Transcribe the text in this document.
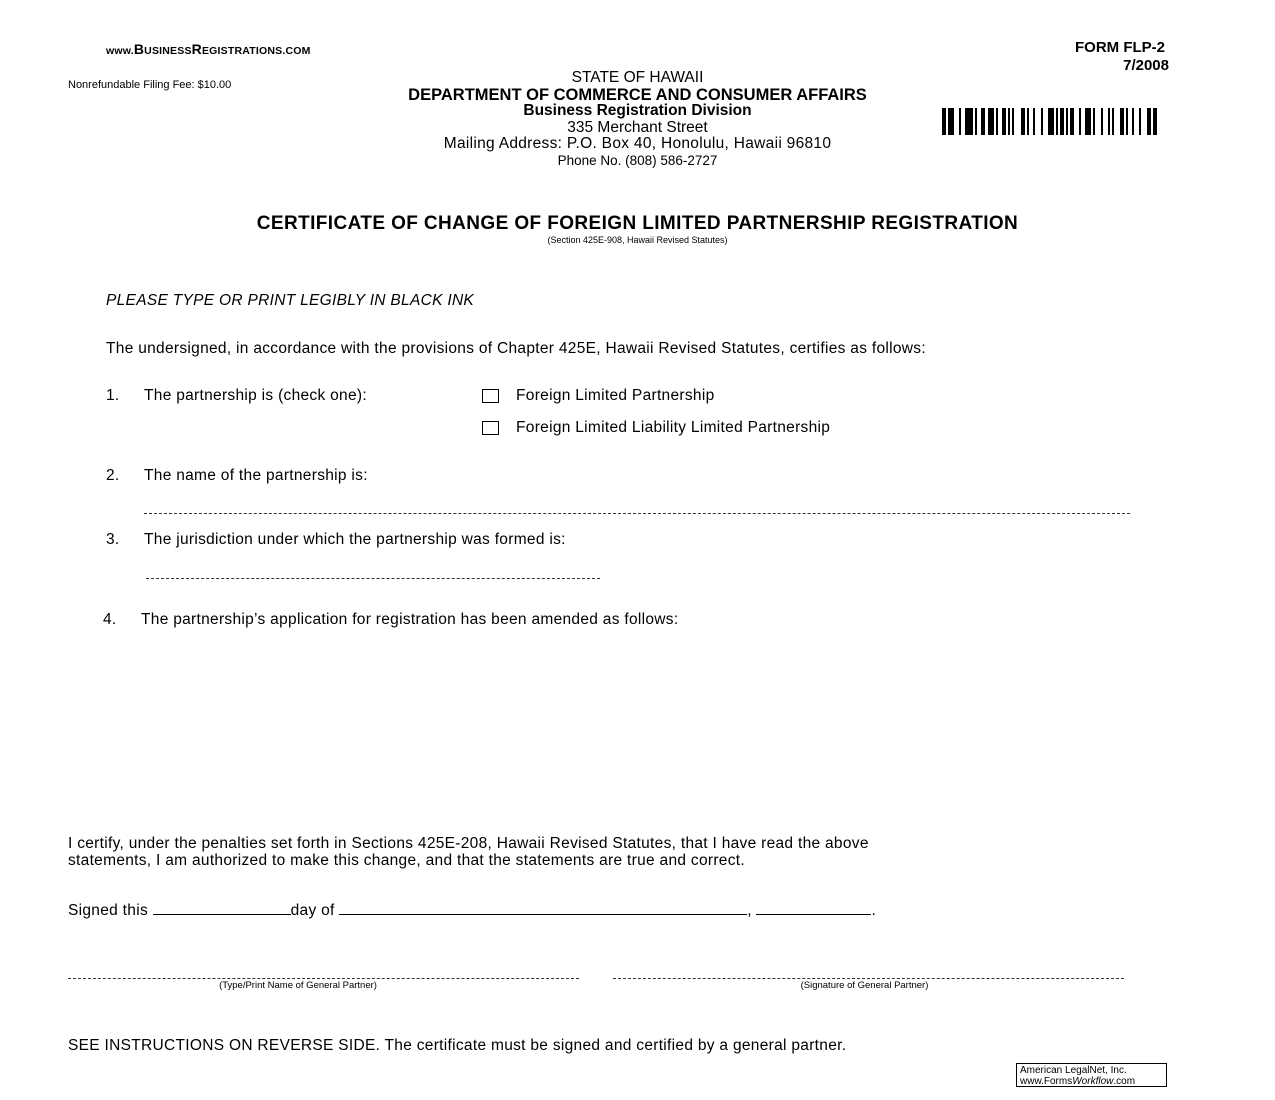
www.BUSINESSREGISTRATIONS.COM
Nonrefundable Filing Fee: $10.00
FORM FLP-2
7/2008
STATE OF HAWAII
DEPARTMENT OF COMMERCE AND CONSUMER AFFAIRS
Business Registration Division
335 Merchant Street
Mailing Address: P.O. Box 40, Honolulu, Hawaii 96810
Phone No. (808) 586-2727
CERTIFICATE OF CHANGE OF FOREIGN LIMITED PARTNERSHIP REGISTRATION
(Section 425E-908, Hawaii Revised Statutes)
PLEASE TYPE OR PRINT LEGIBLY IN BLACK INK
The undersigned, in accordance with the provisions of Chapter 425E, Hawaii Revised Statutes, certifies as follows:
1. The partnership is (check one):	Foreign Limited Partnership
Foreign Limited Liability Limited Partnership
2. The name of the partnership is:
3. The jurisdiction under which the partnership was formed is:
4. The partnership’s application for registration has been amended as follows:
I certify, under the penalties set forth in Sections 425E-208, Hawaii Revised Statutes, that I have read the above
statements, I am authorized to make this change, and that the statements are true and correct.
Signed this	day of	,	.
(Type/Print Name of General Partner)	(Signature of General Partner)
SEE INSTRUCTIONS ON REVERSE SIDE. The certificate must be signed and certified by a general partner.
American LegalNet, Inc.
www.FormsWorkflow.com
